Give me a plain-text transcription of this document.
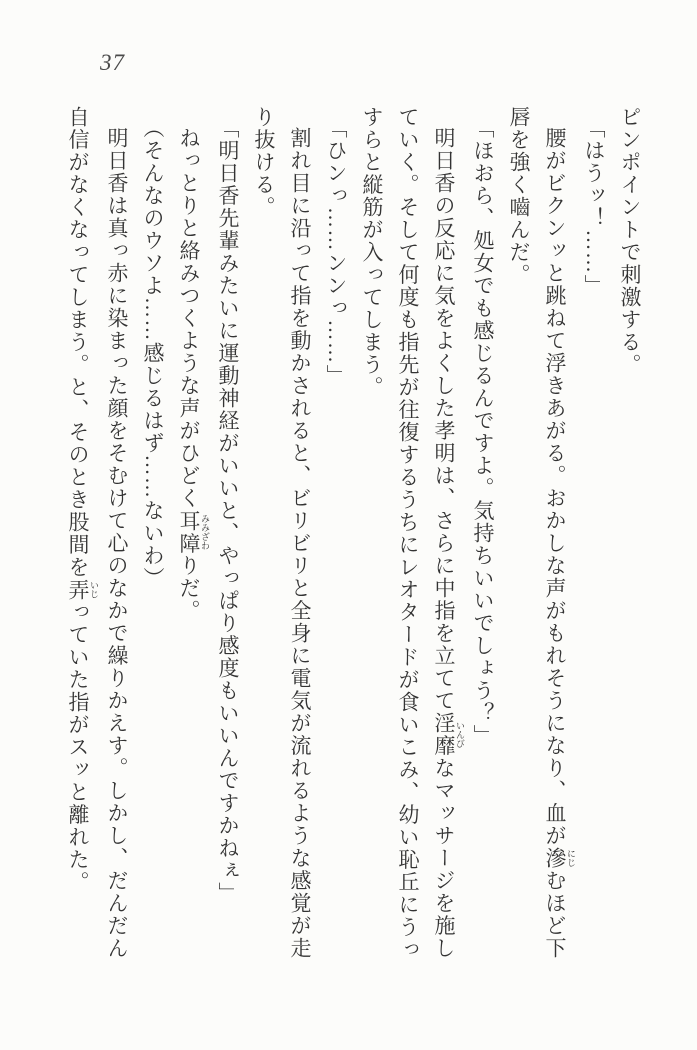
37

ピンポイントで刺激する。

「はうッ！……」

腰がビクンッと跳ねて浮きあがる。おかしな声がもれそうになり、血が滲 にじむほど下

唇を強く嚙んだ。

「ほおら、処女でも感じるんですよ。気持ちいいでしょう？」

明日香の反応に気をよくした孝明は、さらに中指を立てて淫靡 いんびなマッサージを施し

ていく。そして何度も指先が往復するうちにレオタードが食いこみ、幼い恥丘にうっ

すらと縦筋が入ってしまう。

「ひンっ……ンンっ……」

割れ目に沿って指を動かされると、ビリビリと全身に電気が流れるような感覚が走

り抜ける。

「明日香先輩みたいに運動神経がいいと、やっぱり感度もいいんですかねぇ」

ねっとりと絡みつくような声がひどく耳障 みみざわりだ。

（そんなのウソよ……感じるはず……ないわ）

明日香は真っ赤に染まった顔をそむけて心のなかで繰りかえす。しかし、だんだん

自信がなくなってしまう。と、そのとき股間を弄 いじっていた指がスッと離れた。
